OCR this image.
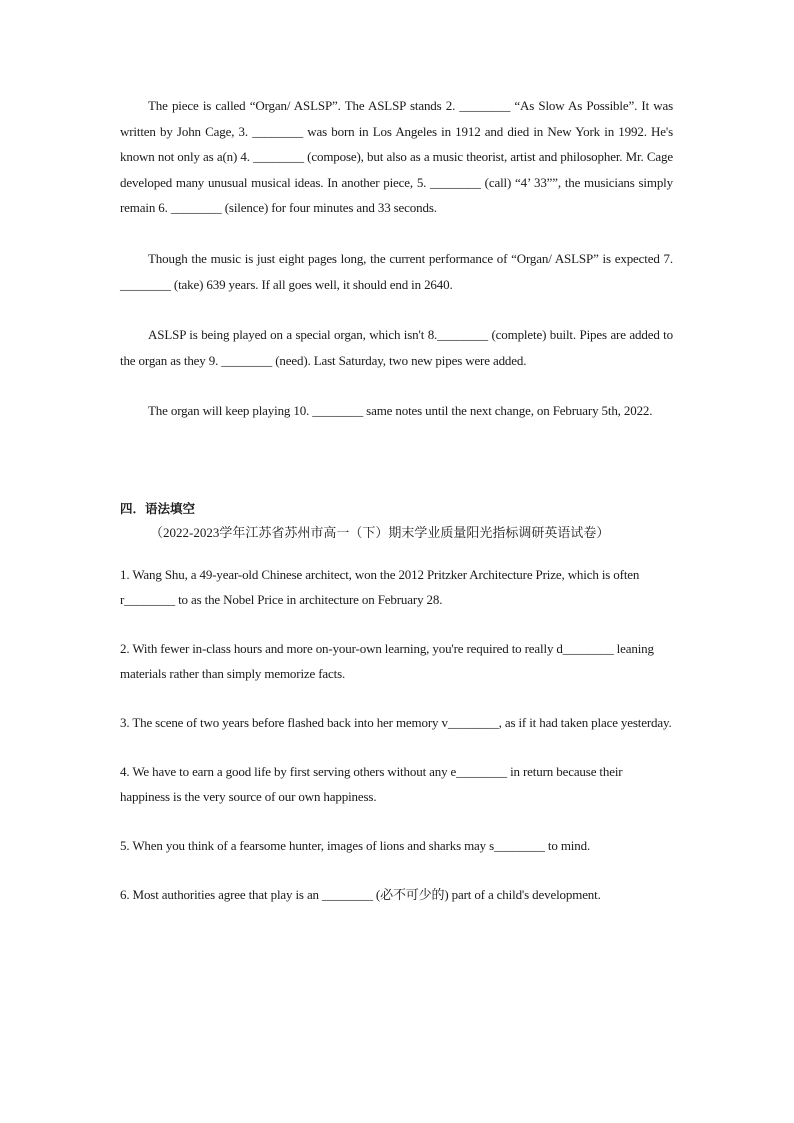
The piece is called “Organ/ ASLSP”. The ASLSP stands 2. ________ “As Slow As Possible”. It was written by John Cage, 3. ________ was born in Los Angeles in 1912 and died in New York in 1992. He's known not only as a(n) 4. ________ (compose), but also as a music theorist, artist and philosopher. Mr. Cage developed many unusual musical ideas. In another piece, 5. ________ (call) “4’ 33””, the musicians simply remain 6. ________ (silence) for four minutes and 33 seconds.

Though the music is just eight pages long, the current performance of “Organ/ ASLSP” is expected 7. ________ (take) 639 years. If all goes well, it should end in 2640.

ASLSP is being played on a special organ, which isn't 8.________ (complete) built. Pipes are added to the organ as they 9. ________ (need). Last Saturday, two new pipes were added.

The organ will keep playing 10. ________ same notes until the next change, on February 5th, 2022.

四．语法填空

（2022-2023学年江苏省苏州市高一（下）期末学业质量阳光指标调研英语试卷）

1. Wang Shu, a 49-year-old Chinese architect, won the 2012 Pritzker Architecture Prize, which is often r________ to as the Nobel Price in architecture on February 28.

2. With fewer in-class hours and more on-your-own learning, you're required to really d________ leaning materials rather than simply memorize facts.

3. The scene of two years before flashed back into her memory v________, as if it had taken place yesterday.

4. We have to earn a good life by first serving others without any e________ in return because their happiness is the very source of our own happiness.

5. When you think of a fearsome hunter, images of lions and sharks may s________ to mind.

6. Most authorities agree that play is an ________ (必不可少的) part of a child's development.
